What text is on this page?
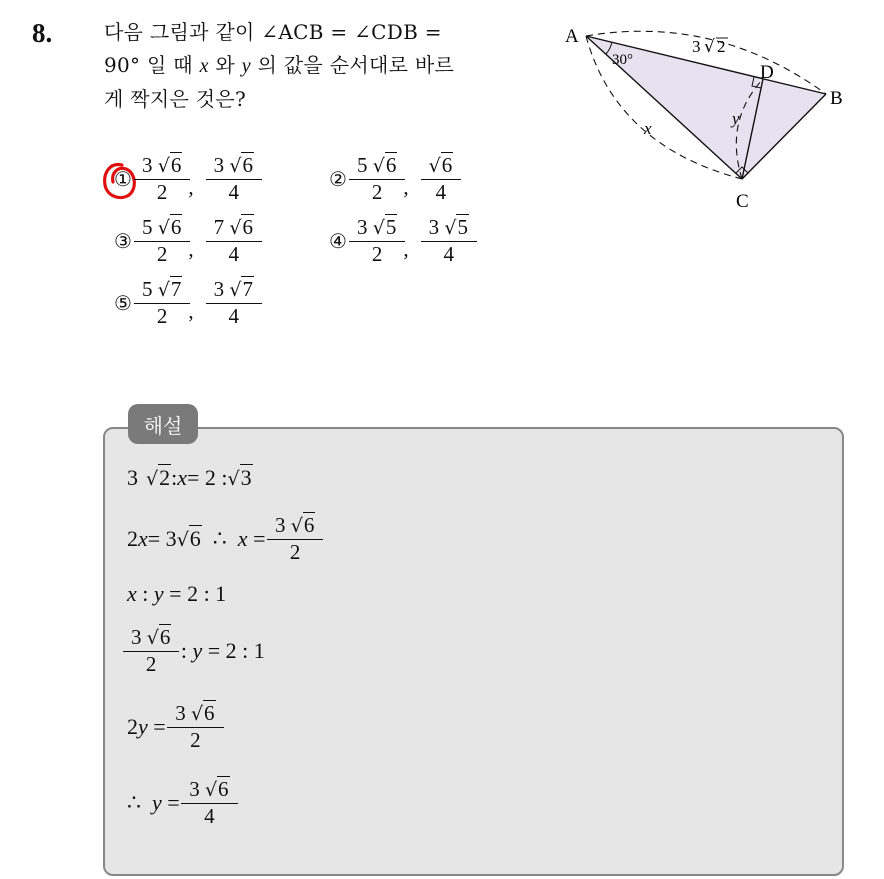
8.	다음 그림과 같이 ∠ACB = ∠CDB =
90° 일 때 x 와 y 의 값을 순서대로 바르
게 짝지은 것은?
A
B
C
D
30°
3 √ 2
x
y
① $\frac{3 √6}{2}$ , $\frac{3 √6}{4}$	② $\frac{5 √6}{2}$ , $\frac{√6}{4}$
③ $\frac{5 √6}{2}$ , $\frac{7 √6}{4}$	④ $\frac{3 √5}{2}$ , $\frac{3 √5}{4}$
⑤ $\frac{5 √7}{2}$ , $\frac{3 √7}{4}$
해설
3 √2 : x = 2 : √3
2 x = 3 √6 ∴ $x = \frac{3 √6}{2}$
x : y = 2 : 1
$\frac{3 √6}{2}$ : y = 2 : 1
2 $y = \frac{3 √6}{2}$
∴ $y = \frac{3 √6}{4}$
